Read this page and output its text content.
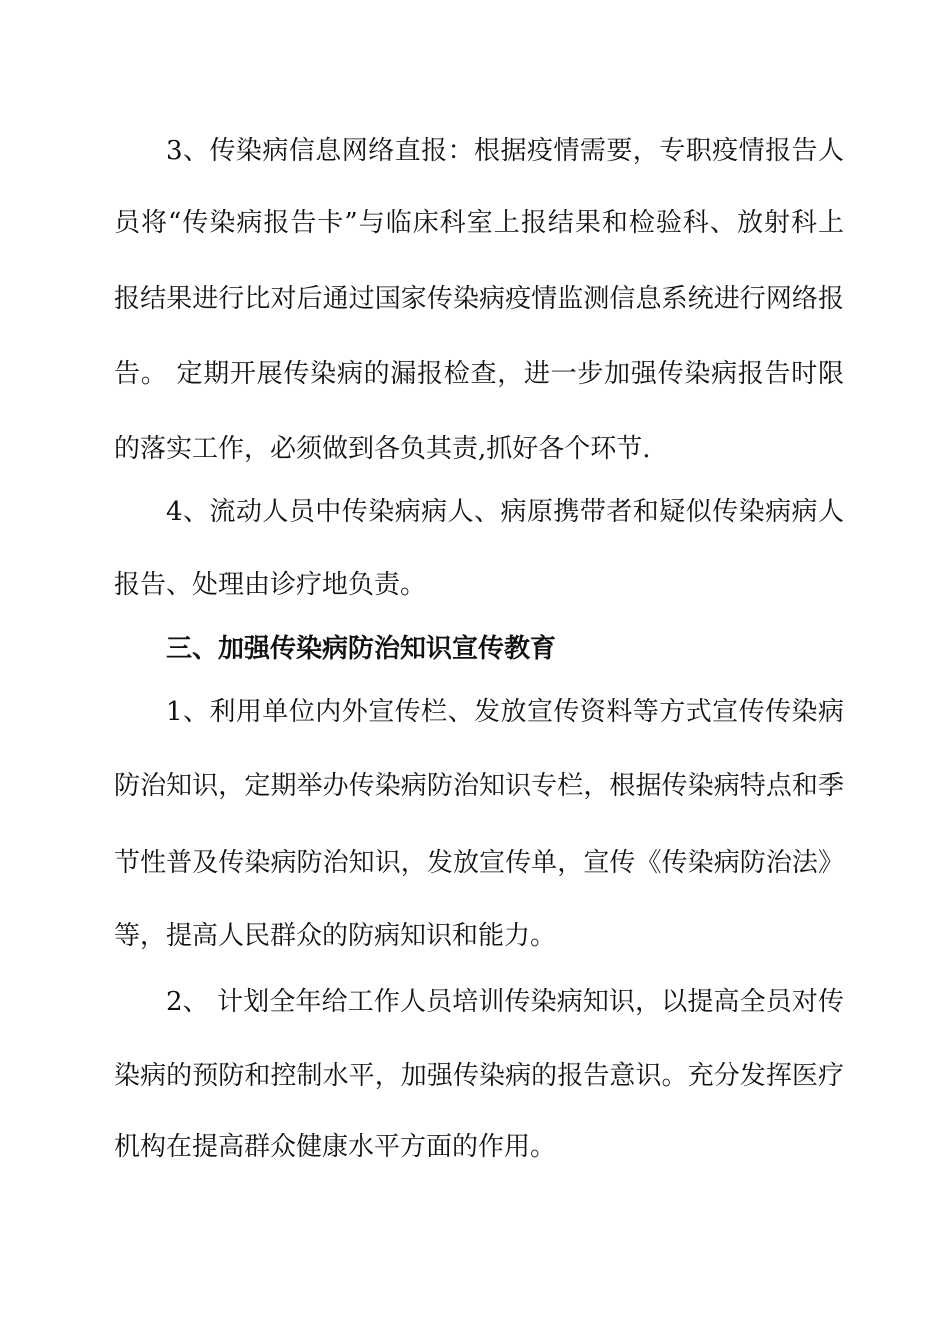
3、传染病信息网络直报：根据疫情需要，专职疫情报告人
员将“传染病报告卡”与临床科室上报结果和检验科、放射科上
报结果进行比对后通过国家传染病疫情监测信息系统进行网络报
告。 定期开展传染病的漏报检查，进一步加强传染病报告时限
的落实工作，必须做到各负其责,抓好各个环节.
4、流动人员中传染病病人、病原携带者和疑似传染病病人
报告、处理由诊疗地负责。
三、加强传染病防治知识宣传教育
1、利用单位内外宣传栏、发放宣传资料等方式宣传传染病
防治知识，定期举办传染病防治知识专栏，根据传染病特点和季
节性普及传染病防治知识，发放宣传单，宣传《传染病防治法》
等，提高人民群众的防病知识和能力。
2、 计划全年给工作人员培训传染病知识，以提高全员对传
染病的预防和控制水平，加强传染病的报告意识。充分发挥医疗
机构在提高群众健康水平方面的作用。
